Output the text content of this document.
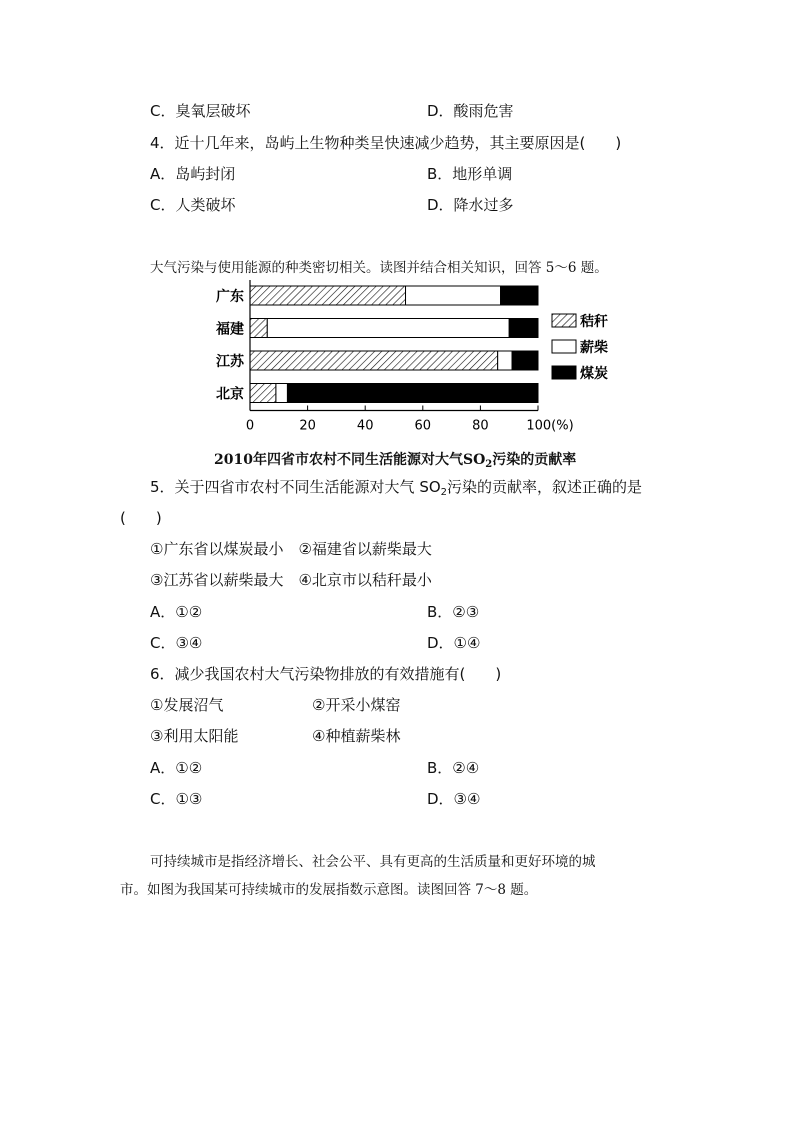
C．臭氧层破坏	D．酸雨危害
4．近十几年来，岛屿上生物种类呈快速减少趋势，其主要原因是(　　)
A．岛屿封闭	B．地形单调
C．人类破坏	D．降水过多
大气污染与使用能源的种类密切相关。读图并结合相关知识，回答 5～6 题。
广东
福建
江苏
北京
0	20	40	60	80	100(%)
秸秆
薪柴
煤炭
2010年四省市农村不同生活能源对大气$SO_2$污染的贡献率
5．关于四省市农村不同生活能源对大气 $SO_2$污染的贡献率，叙述正确的是
(　　)
①广东省以煤炭最小　②福建省以薪柴最大
③江苏省以薪柴最大　④北京市以秸秆最小
A．①②	B．②③
C．③④	D．①④
6．减少我国农村大气污染物排放的有效措施有(　　)
①发展沼气	②开采小煤窑
③利用太阳能	④种植薪柴林
A．①②	B．②④
C．①③	D．③④
可持续城市是指经济增长、社会公平、具有更高的生活质量和更好环境的城
市。如图为我国某可持续城市的发展指数示意图。读图回答 7～8 题。
